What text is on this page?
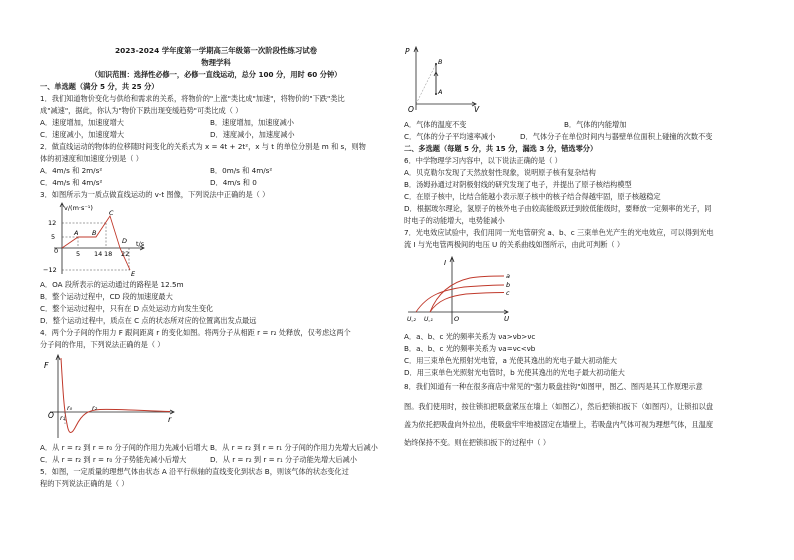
2023-2024 学年度第一学期高三年级第一次阶段性练习试卷
物理学科
（知识范围：选择性必修一，必修一直线运动，总分 100 分，用时 60 分钟）
一、单选题（满分 5 分，共 25 分）
1．我们知道物价变化与供给和需求的关系，将物价的"上涨"类比成"加速"，将物价的"下跌"类比
成"减速"，据此，你认为"物价下跌出现变缓趋势"可类比成（ ）
A．速度增加，加速度增大	B．速度增加，加速度减小
C．速度减小，加速度增大	D．速度减小，加速度减小
2．做直线运动的物体的位移随时间变化的关系式为 x = 4t + 2t²，x 与 t 的单位分别是 m 和 s，则物
体的初速度和加速度分别是（ ）
A．4m/s 和 2m/s²	B．0m/s 和 4m/s²
C．4m/s 和 4m/s²	D．4m/s 和 0
3．如图所示为一质点做直线运动的 v-t 图像，下列说法中正确的是（ ）
v/(m·s⁻¹)
t/s
12
5
0
−12
5 14 18 22
A B
C
D
E
A．OA 段所表示的运动通过的路程是 12.5m
B．整个运动过程中，CD 段的加速度最大
C．整个运动过程中，只有在 D 点处运动方向发生变化
D．整个运动过程中，质点在 C 点的状态所对应的位置离出发点最远
4．两个分子间的作用力 F 跟间距离 r 的变化如图。将两分子从相距 r = r₂ 处释放，仅考虑这两个
分子间的作用，下列说法正确的是（ ）
F
r
O
r₀	r₂
r₁
A．从 r = r₂ 到 r = r₀ 分子间的作用力先减小后增大 B．从 r = r₂ 到 r = r₁ 分子间的作用力先增大后减小
C．从 r = r₂ 到 r = r₀ 分子势能先减小后增大	D．从 r = r₂ 到 r = r₁ 分子动能先增大后减小
5．如图，一定质量的理想气体由状态 A 沿平行纵轴的直线变化到状态 B，则该气体的状态变化过
程的下列说法正确的是（ ）
P
V
O
B
A
A．气体的温度不变	B．气体的内能增加
C．气体的分子平均速率减小	D．气体分子在单位时间内与器壁单位面积上碰撞的次数不变
二、多选题（每题 5 分，共 15 分，漏选 3 分，错选零分）
6．中学物理学习内容中，以下说法正确的是（ ）
A．贝克勒尔发现了天然放射性现象，说明原子核有复杂结构
B．汤姆孙通过对阴极射线的研究发现了电子，并提出了原子核结构模型
C．在原子核中，比结合能越小表示原子核中的核子结合得越牢固，原子核越稳定
D．根据玻尔理论，氢原子的核外电子由较高能级跃迁到较低能级时，要释放一定频率的光子，同
时电子的动能增大，电势能减小
7．光电效应试验中，我们用同一光电管研究 a、b、c 三束单色光产生的光电效应，可以得到光电
流 I 与光电管两极间的电压 U 的关系曲线如图所示，由此可判断（ ）
I
U
a
b
c
U꜀₂ U꜀₁	O
A．a、b、c 光的频率关系为 νa>νb>νc
B．a、b、c 光的频率关系为 νa=νc<νb
C．用三束单色光照射光电管，a 光使其逸出的光电子最大初动能大
D．用三束单色光照射光电管时，b 光使其逸出的光电子最大初动能大
8．我们知道有一种在很多商店中常见的"强力吸盘挂钩"如图甲，图乙、图丙是其工作原理示意
图。我们使用时，按住锁扣把吸盘紧压在墙上（如图乙），然后把锁扣扳下（如图丙），让锁扣以盘
盖为依托把吸盘向外拉出，使吸盘牢牢地被固定在墙壁上，若吸盘内气体可视为理想气体，且温度
始终保持不变。则在把锁扣扳下的过程中（ ）
